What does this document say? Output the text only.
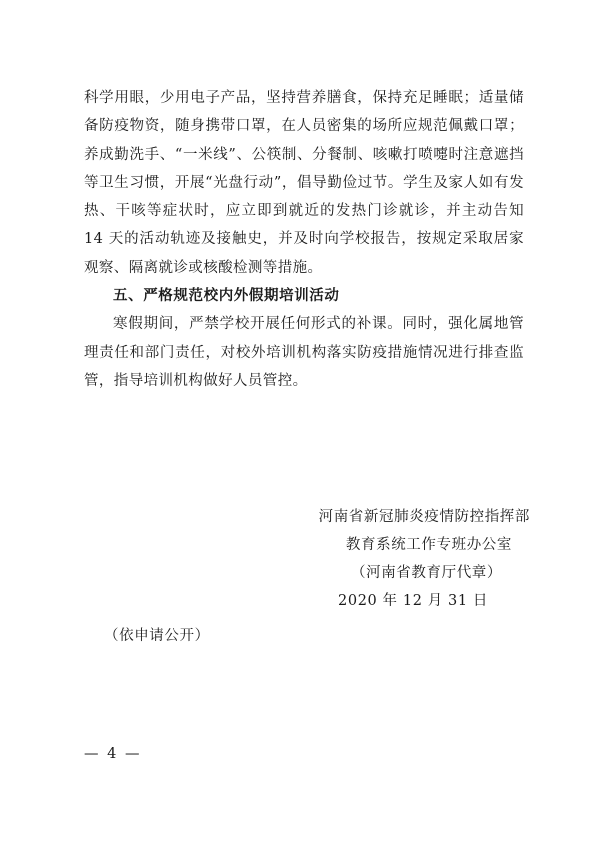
科学用眼，少用电子产品，坚持营养膳食，保持充足睡眠；适量储备防疫物资，随身携带口罩，在人员密集的场所应规范佩戴口罩；养成勤洗手、“一米线”、公筷制、分餐制、咳嗽打喷嚏时注意遮挡等卫生习惯，开展“光盘行动”，倡导勤俭过节。学生及家人如有发热、干咳等症状时，应立即到就近的发热门诊就诊，并主动告知 14 天的活动轨迹及接触史，并及时向学校报告，按规定采取居家观察、隔离就诊或核酸检测等措施。

五、严格规范校内外假期培训活动

寒假期间，严禁学校开展任何形式的补课。同时，强化属地管理责任和部门责任，对校外培训机构落实防疫措施情况进行排查监管，指导培训机构做好人员管控。

河南省新冠肺炎疫情防控指挥部
教育系统工作专班办公室
（河南省教育厅代章）
2020 年 12 月 31 日
（依申请公开）
— 4 —
